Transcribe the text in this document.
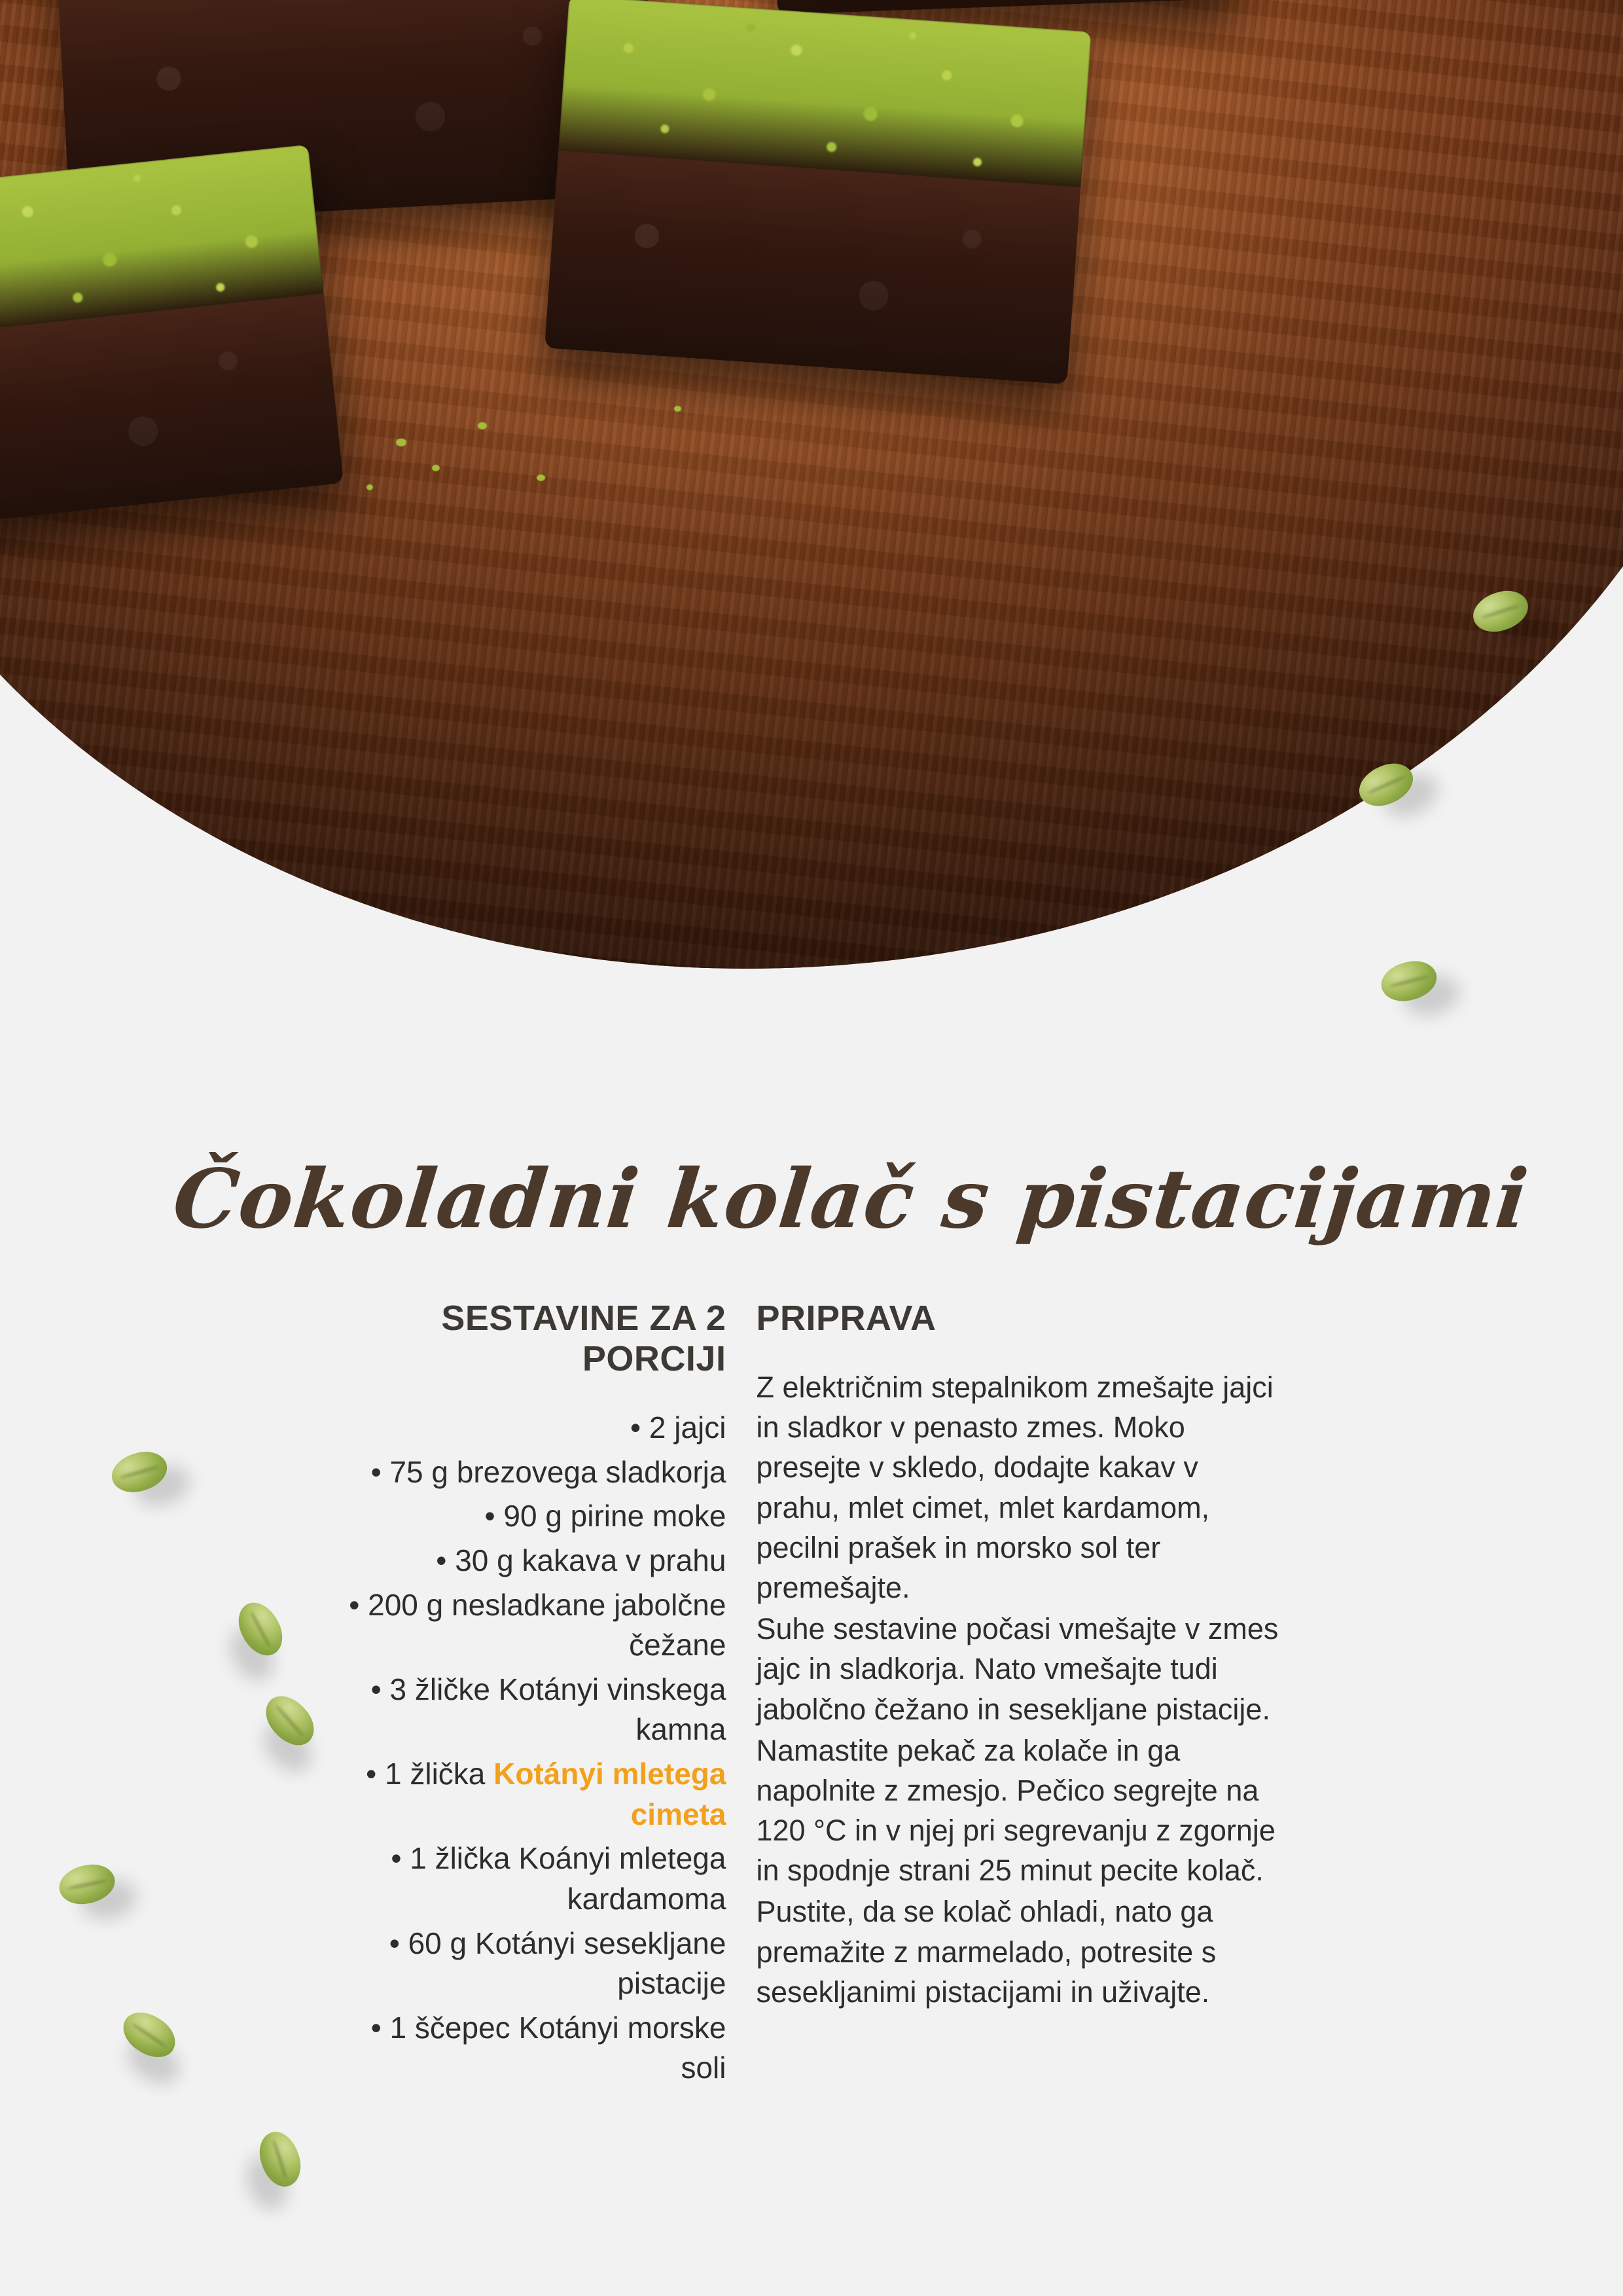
Čokoladni kolač s pistacijami
SESTAVINE ZA 2 PORCIJI
• 2 jajci
• 75 g brezovega sladkorja
• 90 g pirine moke
• 30 g kakava v prahu
• 200 g nesladkane jabolčne čežane
• 3 žličke Kotányi vinskega kamna
• 1 žlička Kotányi mletega cimeta
• 1 žlička Koányi mletega kardamoma
• 60 g Kotányi sesekljane pistacije
• 1 ščepec Kotányi morske soli
PRIPRAVA

Z električnim stepalnikom zmešajte jajci in sladkor v penasto zmes. Moko presejte v skledo, dodajte kakav v prahu, mlet cimet, mlet kardamom, pecilni prašek in morsko sol ter premešajte.

Suhe sestavine počasi vmešajte v zmes jajc in sladkorja. Nato vmešajte tudi jabolčno čežano in sesekljane pistacije.

Namastite pekač za kolače in ga napolnite z zmesjo. Pečico segrejte na 120 °C in v njej pri segrevanju z zgornje in spodnje strani 25 minut pecite kolač.

Pustite, da se kolač ohladi, nato ga premažite z marmelado, potresite s sesekljanimi pistacijami in uživajte.
